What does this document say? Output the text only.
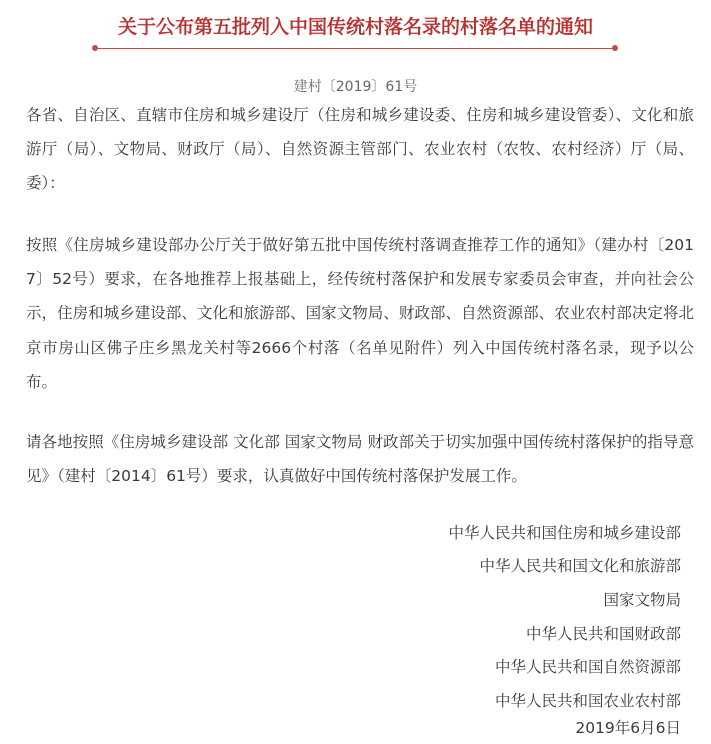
关于公布第五批列入中国传统村落名录的村落名单的通知
建村〔2019〕61号

各省、自治区、直辖市住房和城乡建设厅（住房和城乡建设委、住房和城乡建设管委）、文化和旅游厅（局）、文物局、财政厅（局）、自然资源主管部门、农业农村（农牧、农村经济）厅（局、委）：

按照《住房城乡建设部办公厅关于做好第五批中国传统村落调查推荐工作的通知》（建办村〔2017〕52号）要求，在各地推荐上报基础上，经传统村落保护和发展专家委员会审查，并向社会公示，住房和城乡建设部、文化和旅游部、国家文物局、财政部、自然资源部、农业农村部决定将北京市房山区佛子庄乡黑龙关村等2666个村落（名单见附件）列入中国传统村落名录，现予以公布。

请各地按照《住房城乡建设部 文化部 国家文物局 财政部关于切实加强中国传统村落保护的指导意见》（建村〔2014〕61号）要求，认真做好中国传统村落保护发展工作。

中华人民共和国住房和城乡建设部

中华人民共和国文化和旅游部

国家文物局

中华人民共和国财政部

中华人民共和国自然资源部

中华人民共和国农业农村部

2019年6月6日
